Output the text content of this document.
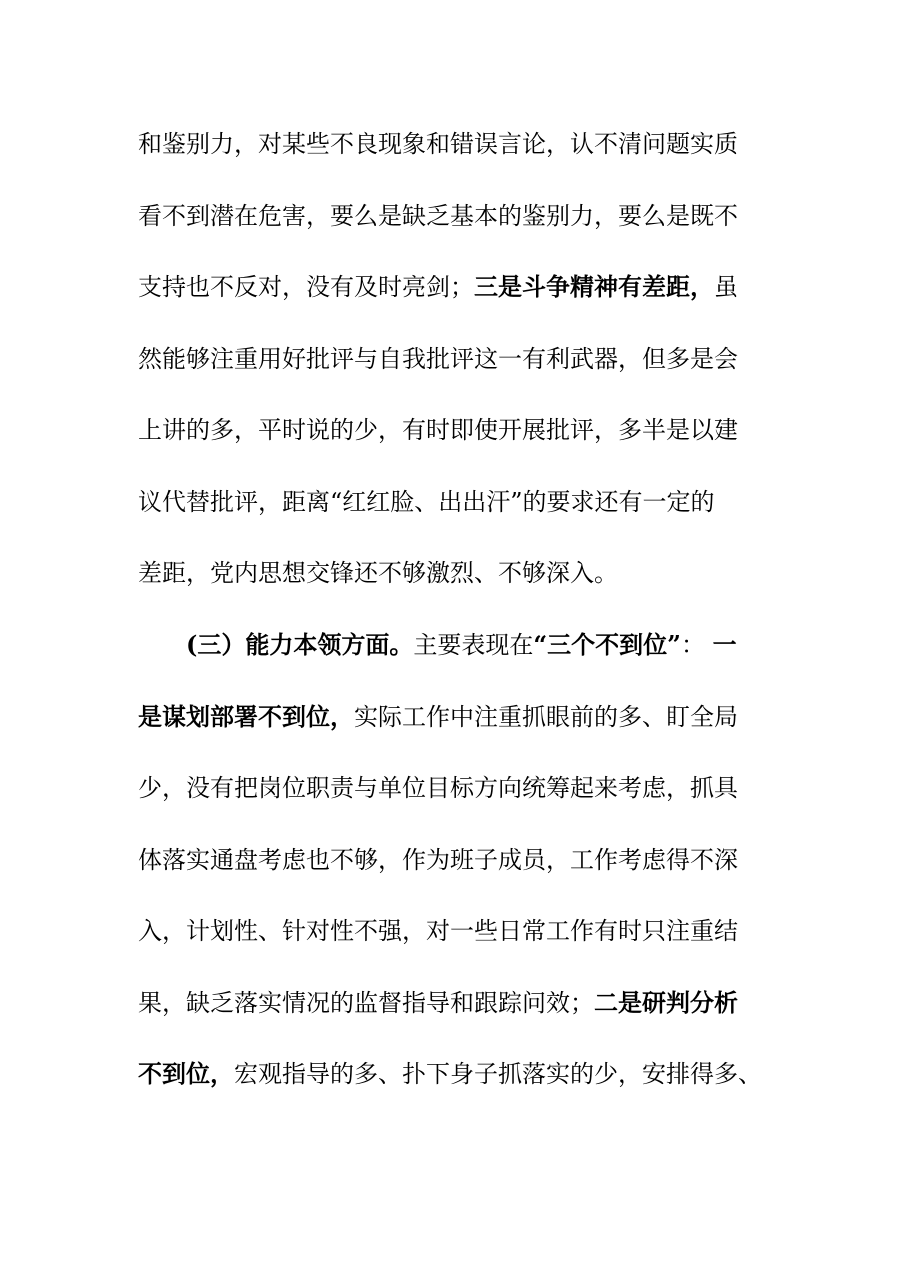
和鉴别力，对某些不良现象和错误言论，认不清问题实质
看不到潜在危害，要么是缺乏基本的鉴别力，要么是既不
支持也不反对，没有及时亮剑；三是斗争精神有差距，虽
然能够注重用好批评与自我批评这一有利武器，但多是会
上讲的多，平时说的少，有时即使开展批评，多半是以建
议代替批评，距离“红红脸、出出汗”的要求还有一定的
差距，党内思想交锋还不够激烈、不够深入。
(三）能力本领方面。主要表现在“三个不到位”： 一
是谋划部署不到位，实际工作中注重抓眼前的多、盯全局
少，没有把岗位职责与单位目标方向统筹起来考虑，抓具
体落实通盘考虑也不够，作为班子成员，工作考虑得不深
入，计划性、针对性不强，对一些日常工作有时只注重结
果，缺乏落实情况的监督指导和跟踪问效；二是研判分析
不到位，宏观指导的多、扑下身子抓落实的少，安排得多、
